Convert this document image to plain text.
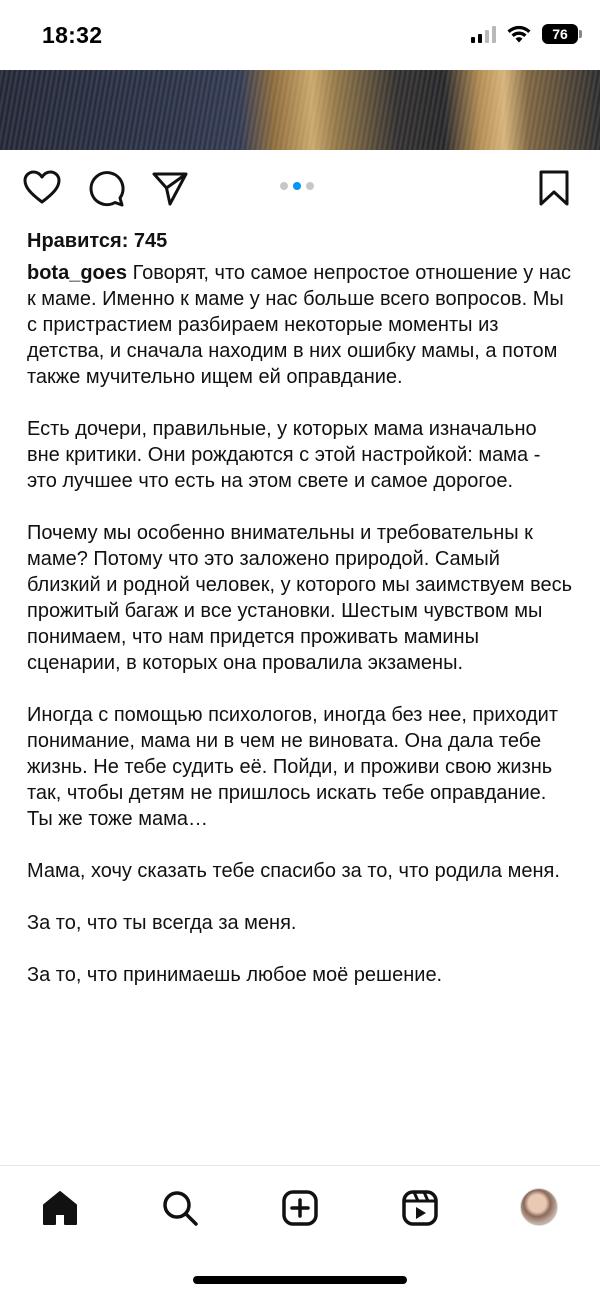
18:32	76
Нравится: 745

bota_goes Говорят, что самое непростое отношение у нас к маме. Именно к маме у нас больше всего вопросов. Мы с пристрастием разбираем некоторые моменты из детства, и сначала находим в них ошибку мамы, а потом также мучительно ищем ей оправдание.

Есть дочери, правильные, у которых мама изначально вне критики. Они рождаются с этой настройкой: мама - это лучшее что есть на этом свете и самое дорогое.

Почему мы особенно внимательны и требовательны к маме? Потому что это заложено природой. Самый близкий и родной человек, у которого мы заимствуем весь прожитый багаж и все установки. Шестым чувством мы понимаем, что нам придется проживать мамины сценарии, в которых она провалила экзамены.

Иногда с помощью психологов, иногда без нее, приходит понимание, мама ни в чем не виновата. Она дала тебе жизнь. Не тебе судить её. Пойди, и проживи свою жизнь так, чтобы детям не пришлось искать тебе оправдание. Ты же тоже мама…

Мама, хочу сказать тебе спасибо за то, что родила меня.

За то, что ты всегда за меня.

За то, что принимаешь любое моё решение.
